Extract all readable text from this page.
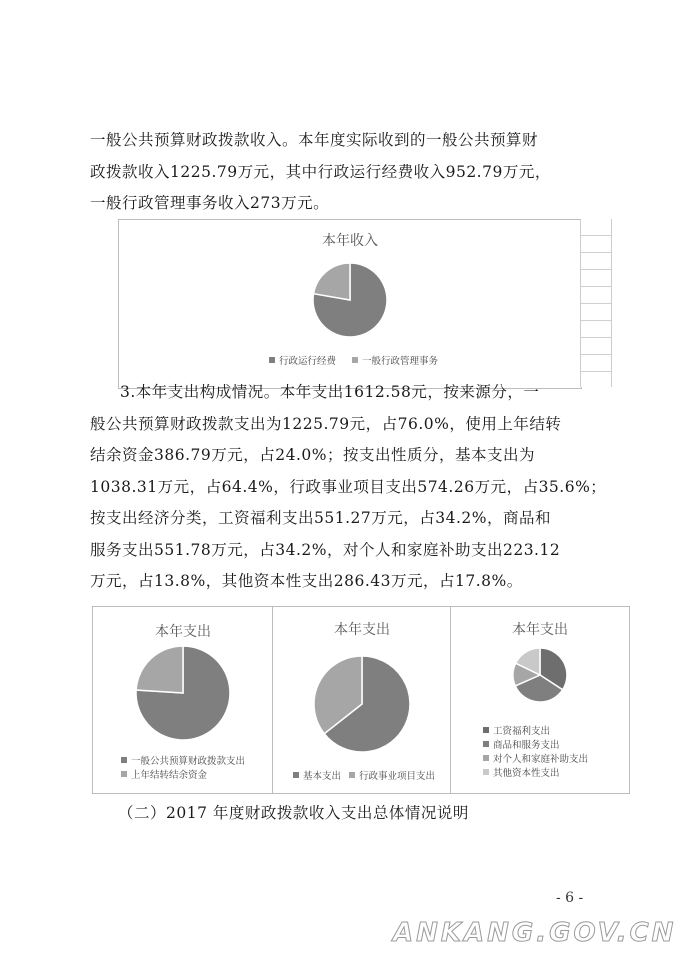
一般公共预算财政拨款收入。本年度实际收到的一般公共预算财
政拨款收入1225.79万元，其中行政运行经费收入952.79万元，
一般行政管理事务收入273万元。
本年收入
行政运行经费	一般行政管理事务
3.本年支出构成情况。本年支出1612.58元，按来源分，一
般公共预算财政拨款支出为1225.79元，占76.0%，使用上年结转
结余资金386.79万元，占24.0%；按支出性质分，基本支出为
1038.31万元，占64.4%，行政事业项目支出574.26万元，占35.6%；
按支出经济分类，工资福利支出551.27万元，占34.2%，商品和
服务支出551.78万元，占34.2%，对个人和家庭补助支出223.12
万元，占13.8%，其他资本性支出286.43万元，占17.8%。
本年支出
一般公共预算财政拨款支出
上年结转结余资金
本年支出
基本支出 行政事业项目支出
本年支出
工资福利支出
商品和服务支出
对个人和家庭补助支出
其他资本性支出
（二）2017 年度财政拨款收入支出总体情况说明
- 6 -
ANKANG.GOV.CN
